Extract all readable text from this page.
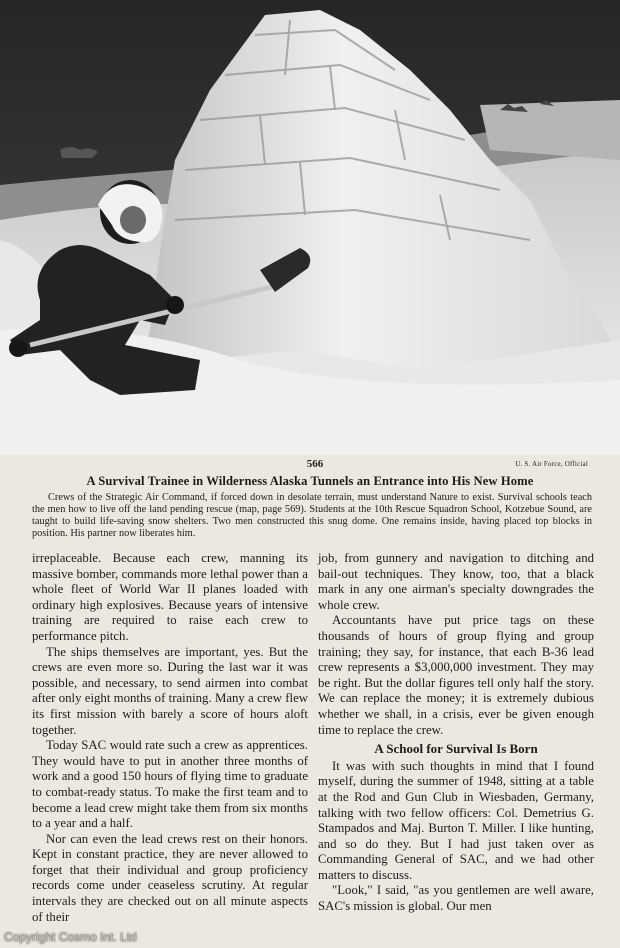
566	U. S. Air Force, Official
A Survival Trainee in Wilderness Alaska Tunnels an Entrance into His New Home
Crews of the Strategic Air Command, if forced down in desolate terrain, must understand Nature to exist. Survival schools teach the men how to live off the land pending rescue (map, page 569). Students at the 10th Rescue Squadron School, Kotzebue Sound, are taught to build life-saving snow shelters. Two men constructed this snug dome. One remains inside, having placed top blocks in position. His partner now liberates him.

irreplaceable. Because each crew, manning its massive bomber, commands more lethal power than a whole fleet of World War II planes loaded with ordinary high explosives. Because years of intensive training are required to raise each crew to performance pitch.

The ships themselves are important, yes. But the crews are even more so. During the last war it was possible, and necessary, to send airmen into combat after only eight months of training. Many a crew flew its first mission with barely a score of hours aloft together.

Today SAC would rate such a crew as apprentices. They would have to put in another three months of work and a good 150 hours of flying time to graduate to combat-ready status. To make the first team and to become a lead crew might take them from six months to a year and a half.

Nor can even the lead crews rest on their honors. Kept in constant practice, they are never allowed to forget that their individual and group proficiency records come under ceaseless scrutiny. At regular intervals they are checked out on all minute aspects of their

job, from gunnery and navigation to ditching and bail-out techniques. They know, too, that a black mark in any one airman's specialty downgrades the whole crew.

Accountants have put price tags on these thousands of hours of group flying and group training; they say, for instance, that each B-36 lead crew represents a $3,000,000 investment. They may be right. But the dollar figures tell only half the story. We can replace the money; it is extremely dubious whether we shall, in a crisis, ever be given enough time to replace the crew.

A School for Survival Is Born

It was with such thoughts in mind that I found myself, during the summer of 1948, sitting at a table at the Rod and Gun Club in Wiesbaden, Germany, talking with two fellow officers: Col. Demetrius G. Stampados and Maj. Burton T. Miller. I like hunting, and so do they. But I had just taken over as Commanding General of SAC, and we had other matters to discuss.

"Look," I said, "as you gentlemen are well aware, SAC's mission is global. Our men

Copyright Cosmo Int. Ltd
